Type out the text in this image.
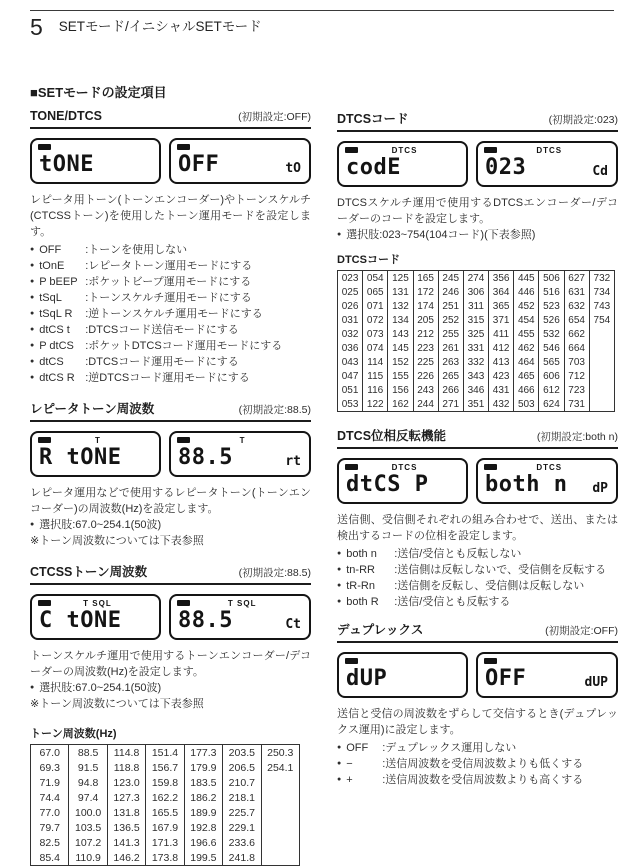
5 SETモード/イニシャルSETモード
■SETモードの設定項目
TONE/DTCS	(初期設定:OFF)
tONE	OFF	tO

レピータ用トーン(トーンエンコーダー)やトーンスケルチ(CTCSSトーン)を使用したトーン運用モードを設定します。

● OFF	:トーンを使用しない
● tOnE	:レピータトーン運用モードにする
● P bEEP :ポケットビープ運用モードにする
● tSqL	:トーンスケルチ運用モードにする
● tSqL R	:逆トーンスケルチ運用モードにする
● dtCS t	:DTCSコード送信モードにする
● P dtCS	:ポケットDTCSコード運用モードにする
● dtCS	:DTCSコード運用モードにする
● dtCS R :逆DTCSコード運用モードにする
レピータトーン周波数	(初期設定:88.5)
T
R tONE
T
88.5	rt

レピータ運用などで使用するレピータトーン(トーンエンコーダー)の周波数(Hz)を設定します。

● 選択肢:67.0~254.1(50波)

※トーン周波数については下表参照

CTCSSトーン周波数	(初期設定:88.5)
T SQL
C tONE
T SQL
88.5	Ct

トーンスケルチ運用で使用するトーンエンコーダー/デコーダーの周波数(Hz)を設定します。

● 選択肢:67.0~254.1(50波)

※トーン周波数については下表参照

トーン周波数(Hz)
67.0	88.5	114.8	151.4	177.3	203.5	250.3
69.3	91.5	118.8	156.7	179.9	206.5	254.1
71.9	94.8	123.0	159.8	183.5	210.7	
74.4	97.4	127.3	162.2	186.2	218.1	
77.0	100.0	131.8	165.5	189.9	225.7	
79.7	103.5	136.5	167.9	192.8	229.1	
82.5	107.2	141.3	171.3	196.6	233.6	
85.4	110.9	146.2	173.8	199.5	241.8	
DTCSコード	(初期設定:023)
DTCS
codE
DTCS
023	Cd

DTCSスケルチ運用で使用するDTCSエンコーダー/デコーダーのコードを設定します。

● 選択肢:023~754(104コード)(下表参照)

DTCSコード
023	054	125	165	245	274	356	445	506	627	732
025	065	131	172	246	306	364	446	516	631	734
026	071	132	174	251	311	365	452	523	632	743
031	072	134	205	252	315	371	454	526	654	754
032	073	143	212	255	325	411	455	532	662	
036	074	145	223	261	331	412	462	546	664	
043	114	152	225	263	332	413	464	565	703	
047	115	155	226	265	343	423	465	606	712	
051	116	156	243	266	346	431	466	612	723	
053	122	162	244	271	351	432	503	624	731	
DTCS位相反転機能	(初期設定:both n)
DTCS
dtCS P
DTCS
both n dP

送信側、受信側それぞれの組み合わせで、送出、または検出するコードの位相を設定します。

● both n	:送信/受信とも反転しない
● tn-RR	:送信側は反転しないで、受信側を反転する
● tR-Rn	:送信側を反転し、受信側は反転しない
● both R	:送信/受信とも反転する
デュプレックス	(初期設定:OFF)
dUP	OFF	dUP

送信と受信の周波数をずらして交信するとき(デュプレックス運用)に設定します。

● OFF	:デュプレックス運用しない
● −	:送信周波数を受信周波数よりも低くする
● +	:送信周波数を受信周波数よりも高くする
